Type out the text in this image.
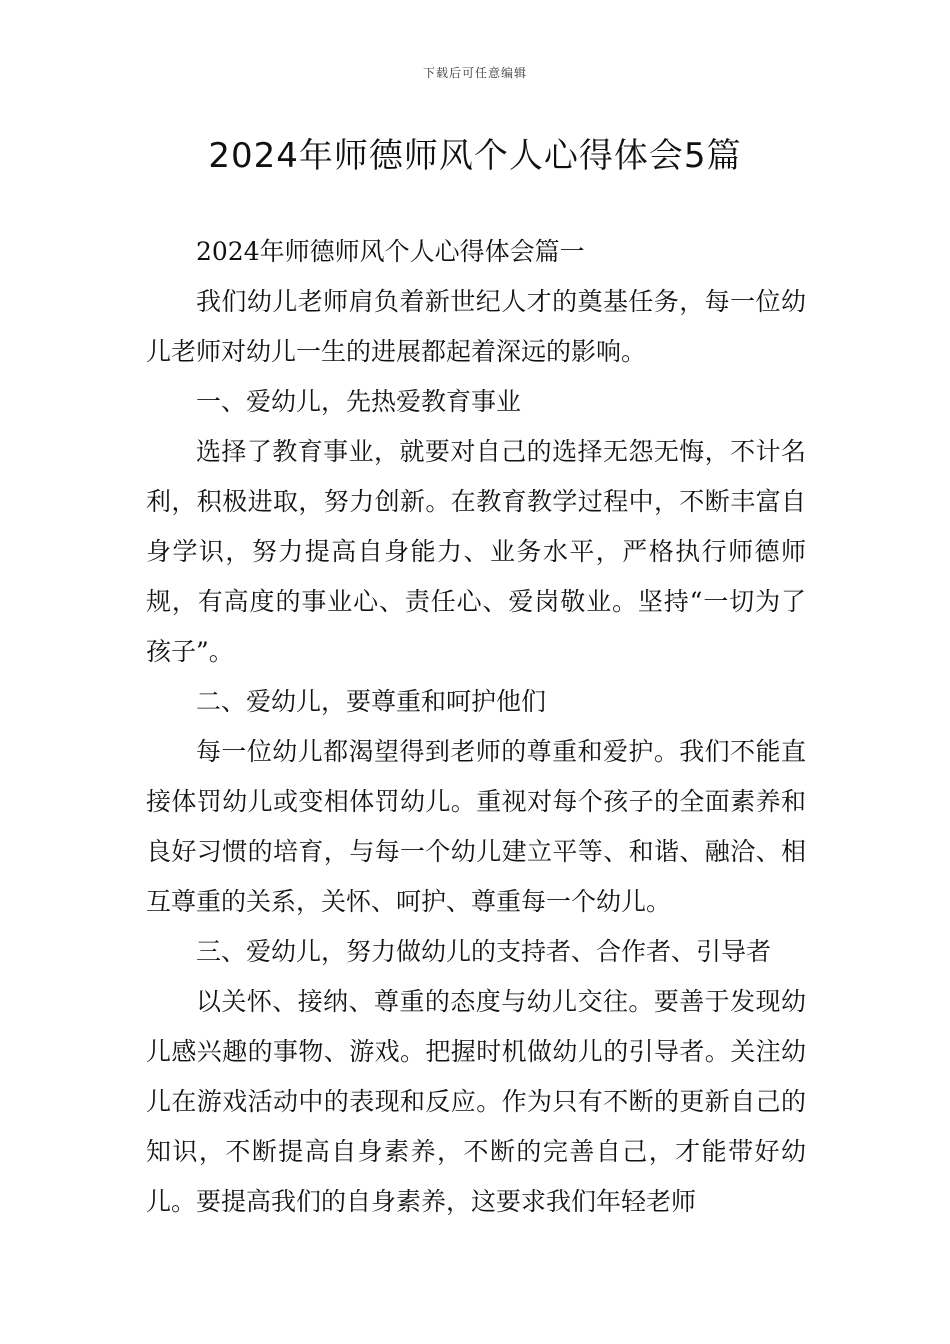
下载后可任意编辑
2024年师德师风个人心得体会5篇

2024年师德师风个人心得体会篇一

我们幼儿老师肩负着新世纪人才的奠基任务，每一位幼儿老师对幼儿一生的进展都起着深远的影响。

一、爱幼儿，先热爱教育事业

选择了教育事业，就要对自己的选择无怨无悔，不计名利，积极进取，努力创新。在教育教学过程中，不断丰富自身学识，努力提高自身能力、业务水平，严格执行师德师规，有高度的事业心、责任心、爱岗敬业。坚持“一切为了孩子”。

二、爱幼儿，要尊重和呵护他们

每一位幼儿都渴望得到老师的尊重和爱护。我们不能直接体罚幼儿或变相体罚幼儿。重视对每个孩子的全面素养和良好习惯的培育，与每一个幼儿建立平等、和谐、融洽、相互尊重的关系，关怀、呵护、尊重每一个幼儿。

三、爱幼儿，努力做幼儿的支持者、合作者、引导者

以关怀、接纳、尊重的态度与幼儿交往。要善于发现幼儿感兴趣的事物、游戏。把握时机做幼儿的引导者。关注幼儿在游戏活动中的表现和反应。作为只有不断的更新自己的知识，不断提高自身素养，不断的完善自己，才能带好幼儿。要提高我们的自身素养，这要求我们年轻老师
